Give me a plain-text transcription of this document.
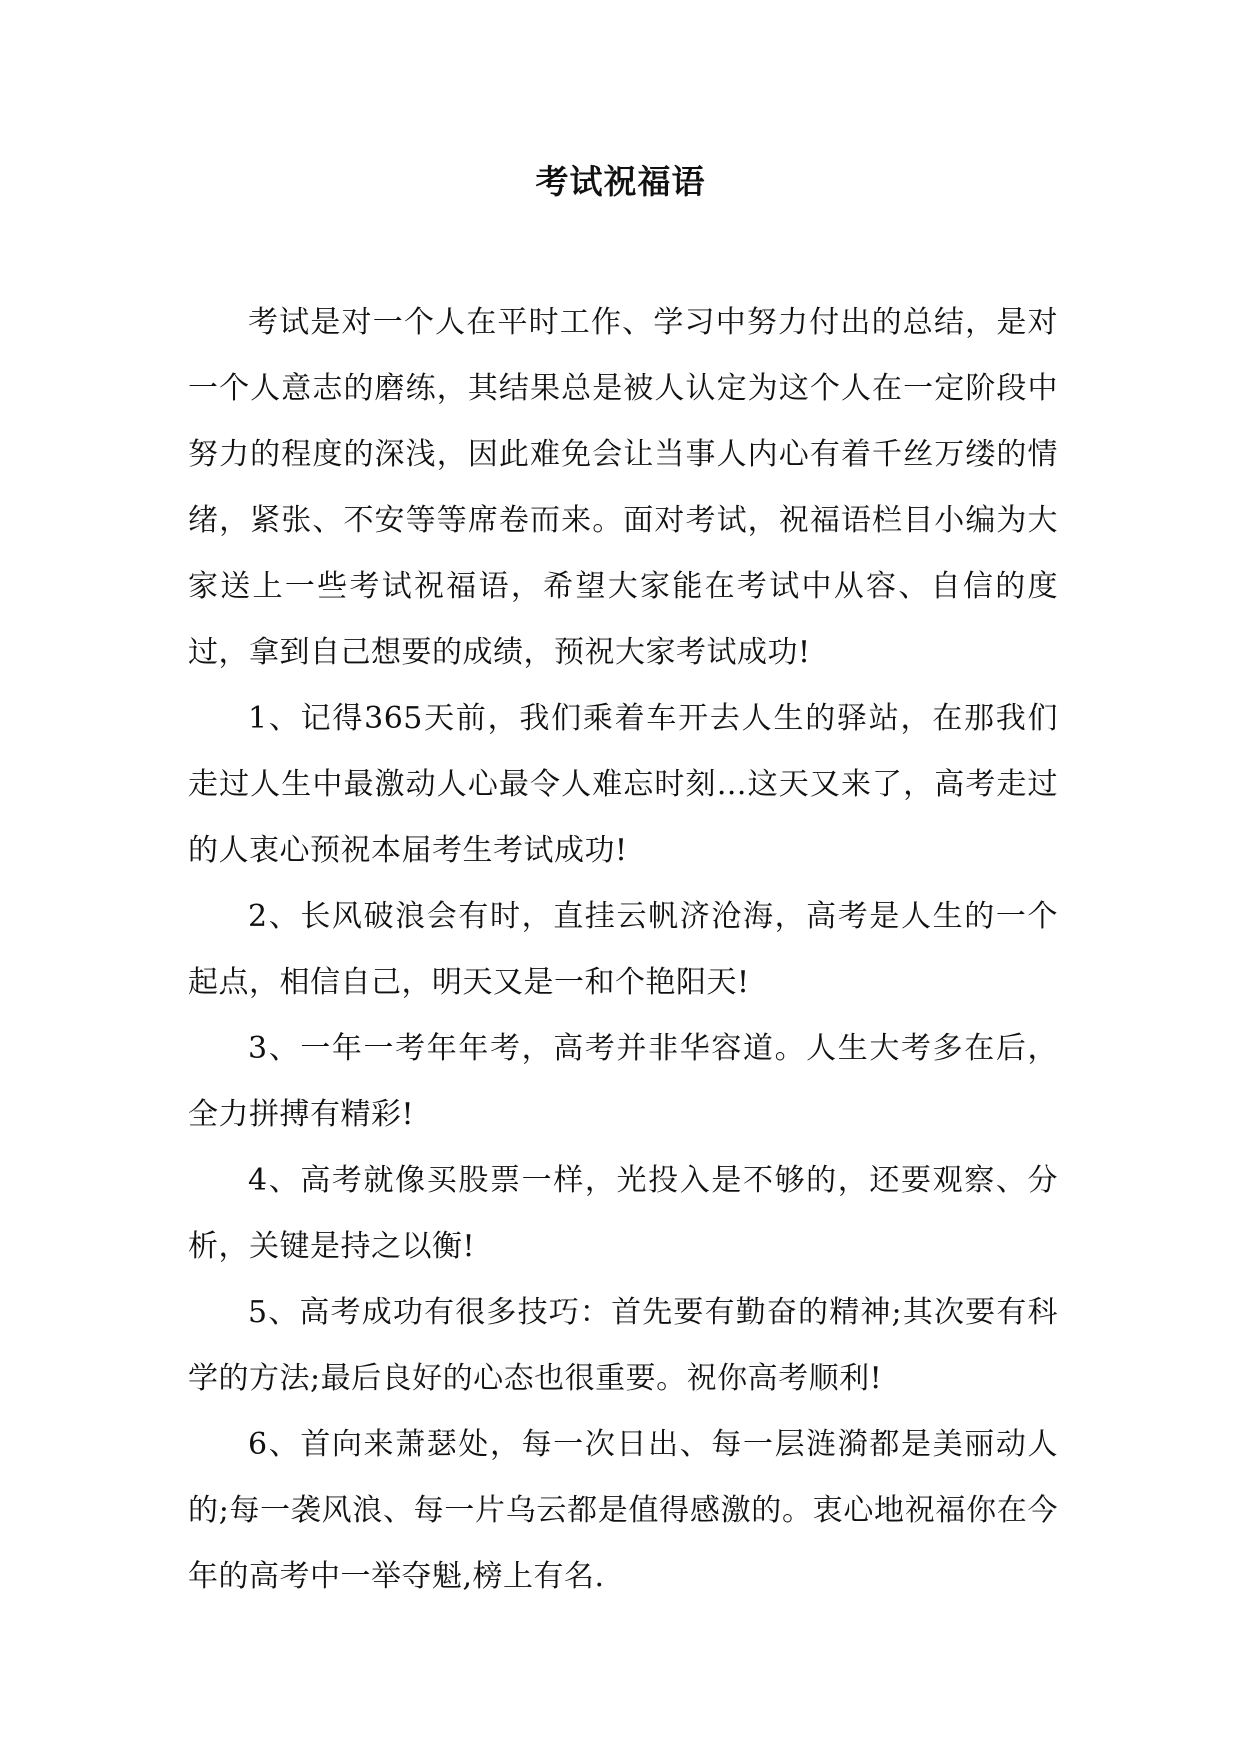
考试祝福语

考试是对一个人在平时工作、学习中努力付出的总结，是对一个人意志的磨练，其结果总是被人认定为这个人在一定阶段中努力的程度的深浅，因此难免会让当事人内心有着千丝万缕的情绪，紧张、不安等等席卷而来。面对考试，祝福语栏目小编为大家送上一些考试祝福语，希望大家能在考试中从容、自信的度过，拿到自己想要的成绩，预祝大家考试成功!

1、记得365天前，我们乘着车开去人生的驿站，在那我们走过人生中最激动人心最令人难忘时刻…这天又来了，高考走过的人衷心预祝本届考生考试成功!

2、长风破浪会有时，直挂云帆济沧海，高考是人生的一个起点，相信自己，明天又是一和个艳阳天!

3、一年一考年年考，高考并非华容道。人生大考多在后，全力拼搏有精彩!

4、高考就像买股票一样，光投入是不够的，还要观察、分析，关键是持之以衡!

5、高考成功有很多技巧：首先要有勤奋的精神;其次要有科学的方法;最后良好的心态也很重要。祝你高考顺利!

6、首向来萧瑟处，每一次日出、每一层涟漪都是美丽动人的;每一袭风浪、每一片乌云都是值得感激的。衷心地祝福你在今年的高考中一举夺魁,榜上有名.
